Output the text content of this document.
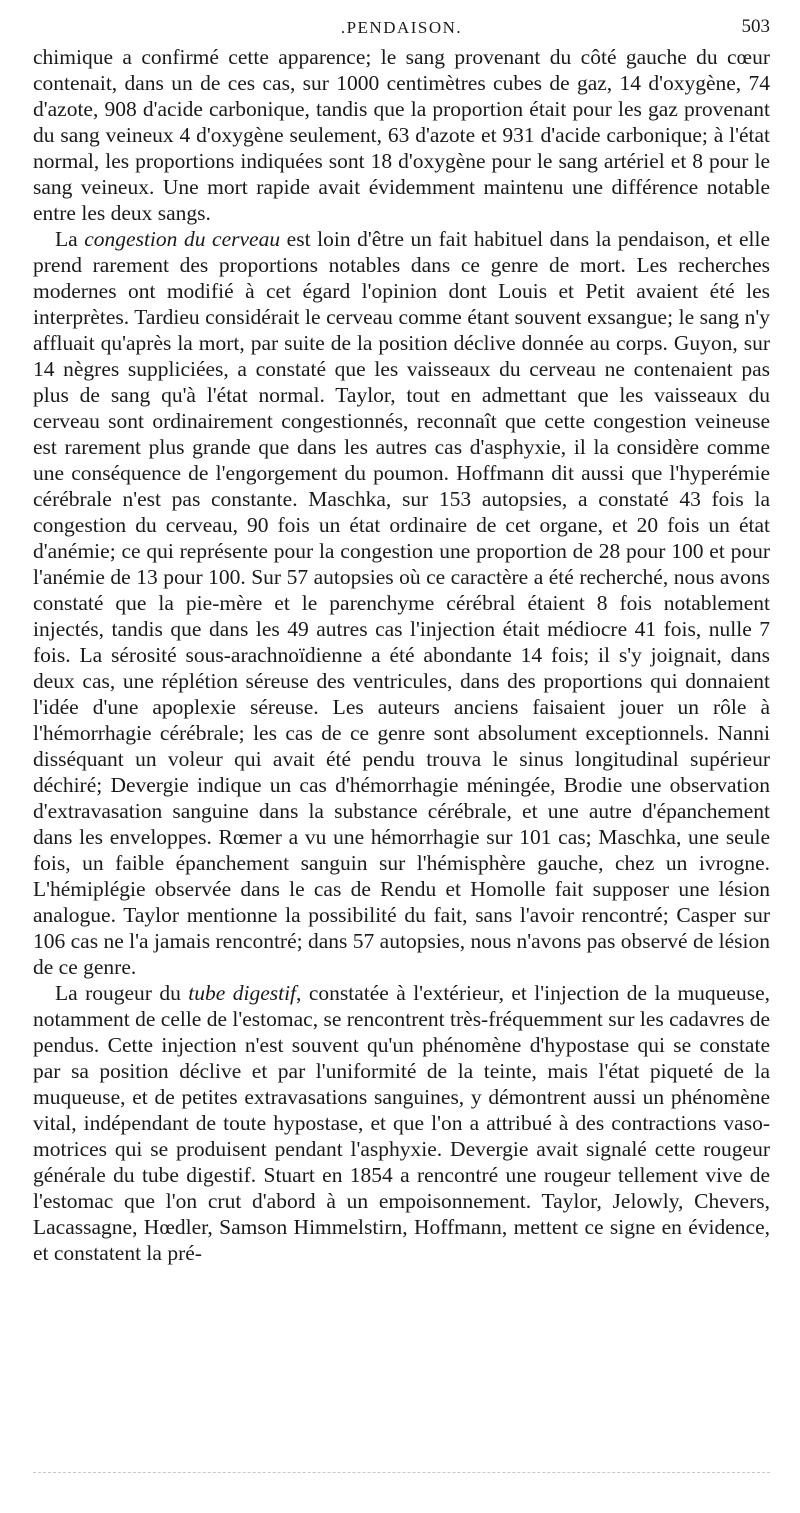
.PENDAISON.	503

chimique a confirmé cette apparence; le sang provenant du côté gauche du cœur contenait, dans un de ces cas, sur 1000 centimètres cubes de gaz, 14 d'oxygène, 74 d'azote, 908 d'acide carbonique, tandis que la proportion était pour les gaz provenant du sang veineux 4 d'oxygène seulement, 63 d'azote et 931 d'acide carbonique; à l'état normal, les proportions indiquées sont 18 d'oxygène pour le sang artériel et 8 pour le sang veineux. Une mort rapide avait évidemment maintenu une différence notable entre les deux sangs.

La congestion du cerveau est loin d'être un fait habituel dans la pendaison, et elle prend rarement des proportions notables dans ce genre de mort. Les recherches modernes ont modifié à cet égard l'opinion dont Louis et Petit avaient été les interprètes. Tardieu considérait le cerveau comme étant souvent exsangue; le sang n'y affluait qu'après la mort, par suite de la position déclive donnée au corps. Guyon, sur 14 nègres suppliciées, a constaté que les vaisseaux du cerveau ne contenaient pas plus de sang qu'à l'état normal. Taylor, tout en admettant que les vaisseaux du cerveau sont ordinairement congestionnés, reconnaît que cette congestion veineuse est rarement plus grande que dans les autres cas d'asphyxie, il la considère comme une conséquence de l'engorgement du poumon. Hoffmann dit aussi que l'hyperémie cérébrale n'est pas constante. Maschka, sur 153 autopsies, a constaté 43 fois la congestion du cerveau, 90 fois un état ordinaire de cet organe, et 20 fois un état d'anémie; ce qui représente pour la congestion une proportion de 28 pour 100 et pour l'anémie de 13 pour 100. Sur 57 autopsies où ce caractère a été recherché, nous avons constaté que la pie-mère et le parenchyme cérébral étaient 8 fois notablement injectés, tandis que dans les 49 autres cas l'injection était médiocre 41 fois, nulle 7 fois. La sérosité sous-arachnoïdienne a été abondante 14 fois; il s'y joignait, dans deux cas, une réplétion séreuse des ventricules, dans des proportions qui donnaient l'idée d'une apoplexie séreuse. Les auteurs anciens faisaient jouer un rôle à l'hémorrhagie cérébrale; les cas de ce genre sont absolument exceptionnels. Nanni disséquant un voleur qui avait été pendu trouva le sinus longitudinal supérieur déchiré; Devergie indique un cas d'hémorrhagie méningée, Brodie une observation d'extravasation sanguine dans la substance cérébrale, et une autre d'épanchement dans les enveloppes. Rœmer a vu une hémorrhagie sur 101 cas; Maschka, une seule fois, un faible épanchement sanguin sur l'hémisphère gauche, chez un ivrogne. L'hémiplégie observée dans le cas de Rendu et Homolle fait supposer une lésion analogue. Taylor mentionne la possibilité du fait, sans l'avoir rencontré; Casper sur 106 cas ne l'a jamais rencontré; dans 57 autopsies, nous n'avons pas observé de lésion de ce genre.

La rougeur du tube digestif, constatée à l'extérieur, et l'injection de la muqueuse, notamment de celle de l'estomac, se rencontrent très-fréquemment sur les cadavres de pendus. Cette injection n'est souvent qu'un phénomène d'hypostase qui se constate par sa position déclive et par l'uniformité de la teinte, mais l'état piqueté de la muqueuse, et de petites extravasations sanguines, y démontrent aussi un phénomène vital, indépendant de toute hypostase, et que l'on a attribué à des contractions vaso-motrices qui se produisent pendant l'asphyxie. Devergie avait signalé cette rougeur générale du tube digestif. Stuart en 1854 a rencontré une rougeur tellement vive de l'estomac que l'on crut d'abord à un empoisonnement. Taylor, Jelowly, Chevers, Lacassagne, Hœdler, Samson Himmelstirn, Hoffmann, mettent ce signe en évidence, et constatent la pré-
